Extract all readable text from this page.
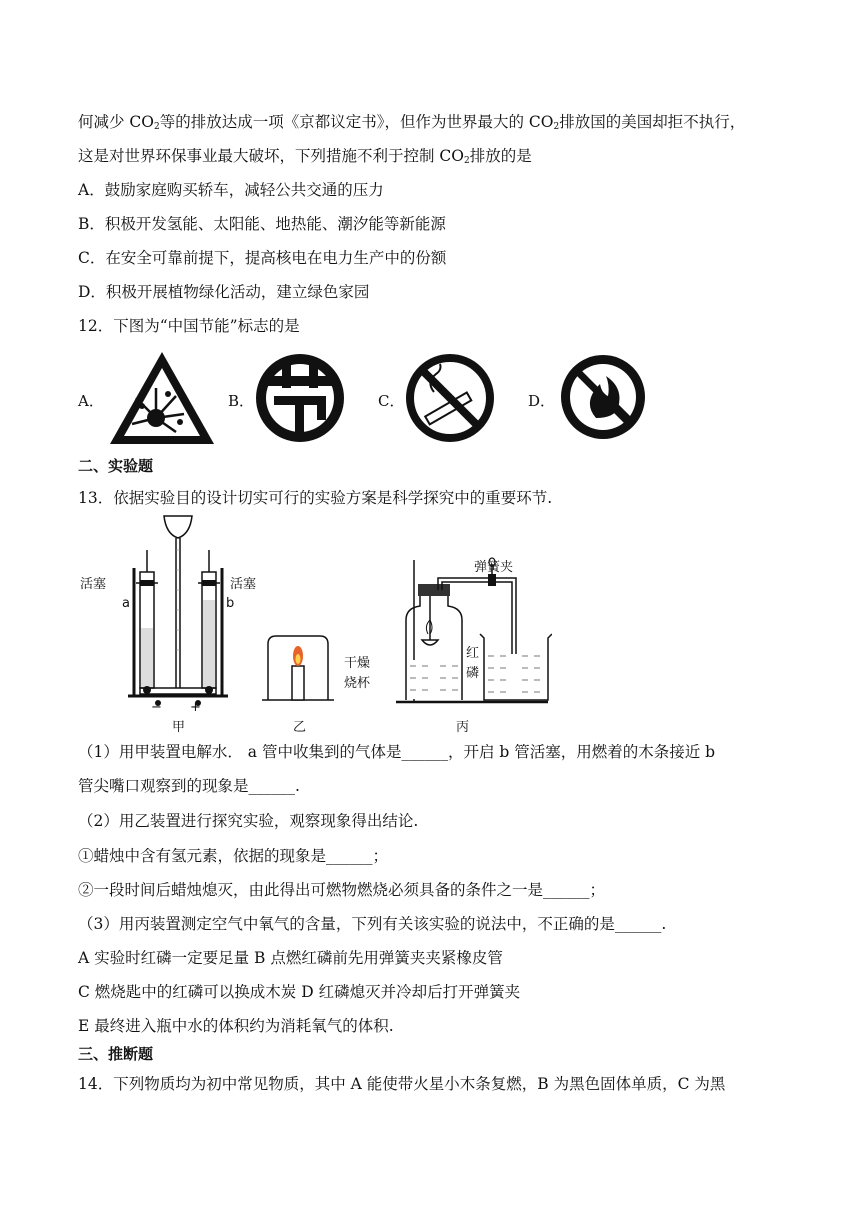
何减少 $CO_2$等的排放达成一项《京都议定书》，但作为世界最大的 $CO_2$排放国的美国却拒不执行，
这是对世界环保事业最大破坏，下列措施不利于控制 $CO_2$排放的是
A．鼓励家庭购买轿车，减轻公共交通的压力
B．积极开发氢能、太阳能、地热能、潮汐能等新能源
C．在安全可靠前提下，提高核电在电力生产中的份额
D．积极开展植物绿化活动，建立绿色家园
12．下图为“中国节能”标志的是
A．	B．	C．	D．
二、实验题
13．依据实验目的设计切实可行的实验方案是科学探究中的重要环节.
活塞	活塞
a	b
− +
甲
干燥
烧杯
乙
弹簧夹
红
磷
丙
（1）用甲装置电解水． a 管中收集到的气体是______，开启 b 管活塞，用燃着的木条接近 b
管尖嘴口观察到的现象是______.
（2）用乙装置进行探究实验，观察现象得出结论.
①蜡烛中含有氢元素，依据的现象是______；
②一段时间后蜡烛熄灭，由此得出可燃物燃烧必须具备的条件之一是______；
（3）用丙装置测定空气中氧气的含量，下列有关该实验的说法中，不正确的是______.
A 实验时红磷一定要足量 B 点燃红磷前先用弹簧夹夹紧橡皮管
C 燃烧匙中的红磷可以换成木炭 D 红磷熄灭并冷却后打开弹簧夹
E 最终进入瓶中水的体积约为消耗氧气的体积.
三、推断题
14．下列物质均为初中常见物质，其中 A 能使带火星小木条复燃，B 为黑色固体单质，C 为黑
